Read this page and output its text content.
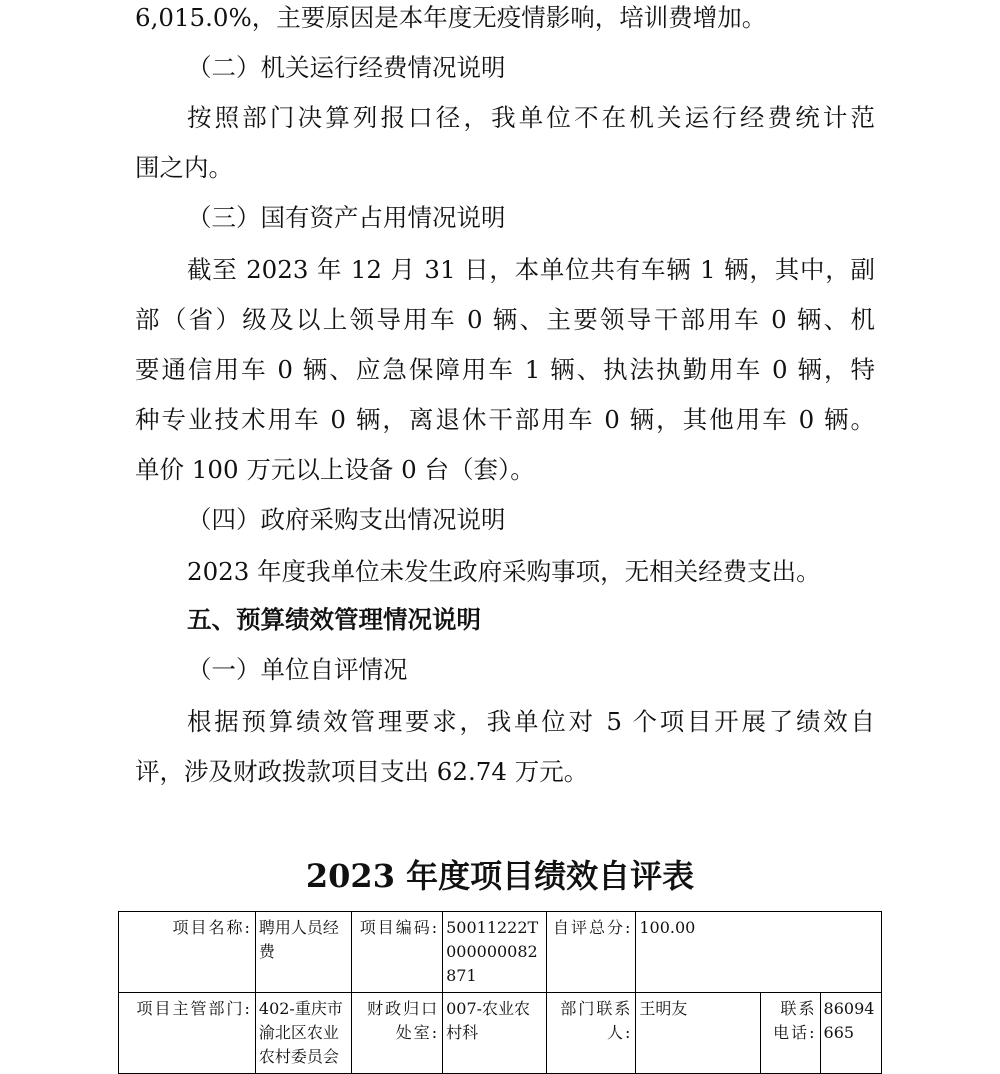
6,015.0%，主要原因是本年度无疫情影响，培训费增加。

（二）机关运行经费情况说明

按照部门决算列报口径，我单位不在机关运行经费统计范

围之内。

（三）国有资产占用情况说明

截至 2023 年 12 月 31 日，本单位共有车辆 1 辆，其中，副

部（省）级及以上领导用车 0 辆、主要领导干部用车 0 辆、机

要通信用车 0 辆、应急保障用车 1 辆、执法执勤用车 0 辆，特

种专业技术用车 0 辆，离退休干部用车 0 辆，其他用车 0 辆。

单价 100 万元以上设备 0 台（套）。

（四）政府采购支出情况说明

2023 年度我单位未发生政府采购事项，无相关经费支出。

五、预算绩效管理情况说明

（一）单位自评情况

根据预算绩效管理要求，我单位对 5 个项目开展了绩效自

评，涉及财政拨款项目支出 62.74 万元。

2023 年度项目绩效自评表
项目名称:	聘用人员经费	项目编码:	50011222T000000082871	自评总分:	100.00		
项目主管部门:	402-重庆市渝北区农业农村委员会	财政归口处室:	007-农业农村科	部门联系人:	王明友	联系电话:	86094665
